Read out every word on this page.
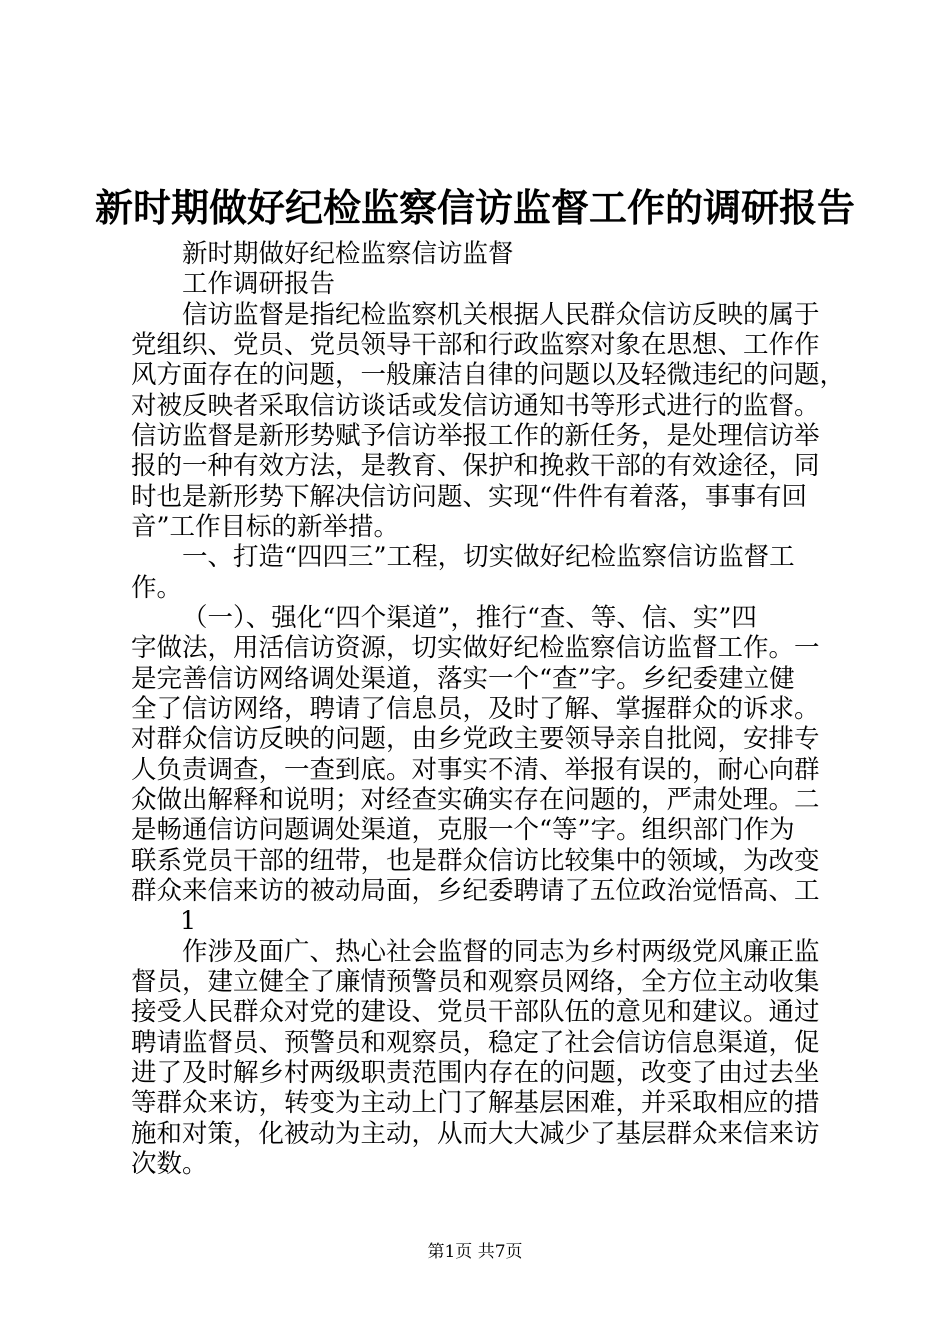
新时期做好纪检监察信访监督工作的调研报告
新时期做好纪检监察信访监督
工作调研报告
信访监督是指纪检监察机关根据人民群众信访反映的属于
党组织、党员、党员领导干部和行政监察对象在思想、工作作
风方面存在的问题，一般廉洁自律的问题以及轻微违纪的问题，
对被反映者采取信访谈话或发信访通知书等形式进行的监督。
信访监督是新形势赋予信访举报工作的新任务，是处理信访举
报的一种有效方法，是教育、保护和挽救干部的有效途径，同
时也是新形势下解决信访问题、实现“件件有着落，事事有回
音”工作目标的新举措。
一、打造“四四三”工程，切实做好纪检监察信访监督工
作。
（一）、强化“四个渠道”，推行“查、等、信、实”四
字做法，用活信访资源，切实做好纪检监察信访监督工作。一
是完善信访网络调处渠道，落实一个“查”字。乡纪委建立健
全了信访网络，聘请了信息员，及时了解、掌握群众的诉求。
对群众信访反映的问题，由乡党政主要领导亲自批阅，安排专
人负责调查，一查到底。对事实不清、举报有误的，耐心向群
众做出解释和说明；对经查实确实存在问题的，严肃处理。二
是畅通信访问题调处渠道，克服一个“等”字。组织部门作为
联系党员干部的纽带，也是群众信访比较集中的领域，为改变
群众来信来访的被动局面，乡纪委聘请了五位政治觉悟高、工
1
作涉及面广、热心社会监督的同志为乡村两级党风廉正监
督员，建立健全了廉情预警员和观察员网络，全方位主动收集
接受人民群众对党的建设、党员干部队伍的意见和建议。通过
聘请监督员、预警员和观察员，稳定了社会信访信息渠道，促
进了及时解乡村两级职责范围内存在的问题，改变了由过去坐
等群众来访，转变为主动上门了解基层困难，并采取相应的措
施和对策，化被动为主动，从而大大减少了基层群众来信来访
次数。
第1页 共7页
